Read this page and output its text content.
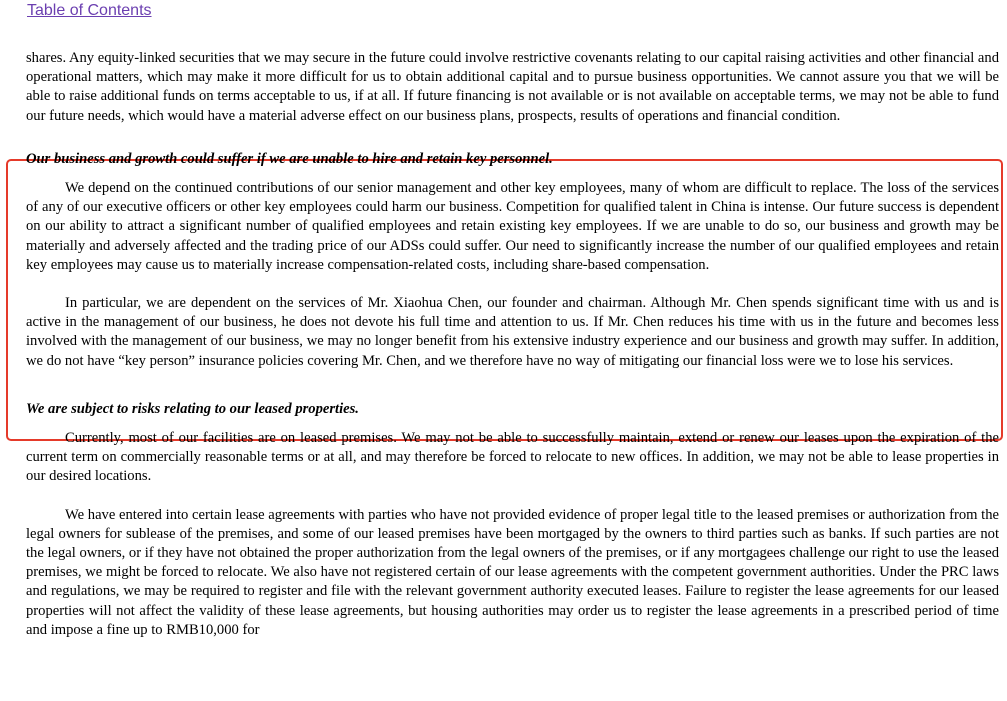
Table of Contents

shares. Any equity-linked securities that we may secure in the future could involve restrictive covenants relating to our capital raising activities and other financial and operational matters, which may make it more difficult for us to obtain additional capital and to pursue business opportunities. We cannot assure you that we will be able to raise additional funds on terms acceptable to us, if at all. If future financing is not available or is not available on acceptable terms, we may not be able to fund our future needs, which would have a material adverse effect on our business plans, prospects, results of operations and financial condition.

Our business and growth could suffer if we are unable to hire and retain key personnel.

We depend on the continued contributions of our senior management and other key employees, many of whom are difficult to replace. The loss of the services of any of our executive officers or other key employees could harm our business. Competition for qualified talent in China is intense. Our future success is dependent on our ability to attract a significant number of qualified employees and retain existing key employees. If we are unable to do so, our business and growth may be materially and adversely affected and the trading price of our ADSs could suffer. Our need to significantly increase the number of our qualified employees and retain key employees may cause us to materially increase compensation-related costs, including share-based compensation.

In particular, we are dependent on the services of Mr. Xiaohua Chen, our founder and chairman. Although Mr. Chen spends significant time with us and is active in the management of our business, he does not devote his full time and attention to us. If Mr. Chen reduces his time with us in the future and becomes less involved with the management of our business, we may no longer benefit from his extensive industry experience and our business and growth may suffer. In addition, we do not have “key person” insurance policies covering Mr. Chen, and we therefore have no way of mitigating our financial loss were we to lose his services.

We are subject to risks relating to our leased properties.

Currently, most of our facilities are on leased premises. We may not be able to successfully maintain, extend or renew our leases upon the expiration of the current term on commercially reasonable terms or at all, and may therefore be forced to relocate to new offices. In addition, we may not be able to lease properties in our desired locations.

We have entered into certain lease agreements with parties who have not provided evidence of proper legal title to the leased premises or authorization from the legal owners for sublease of the premises, and some of our leased premises have been mortgaged by the owners to third parties such as banks. If such parties are not the legal owners, or if they have not obtained the proper authorization from the legal owners of the premises, or if any mortgagees challenge our right to use the leased premises, we might be forced to relocate. We also have not registered certain of our lease agreements with the competent government authorities. Under the PRC laws and regulations, we may be required to register and file with the relevant government authority executed leases. Failure to register the lease agreements for our leased properties will not affect the validity of these lease agreements, but housing authorities may order us to register the lease agreements in a prescribed period of time and impose a fine up to RMB10,000 for
